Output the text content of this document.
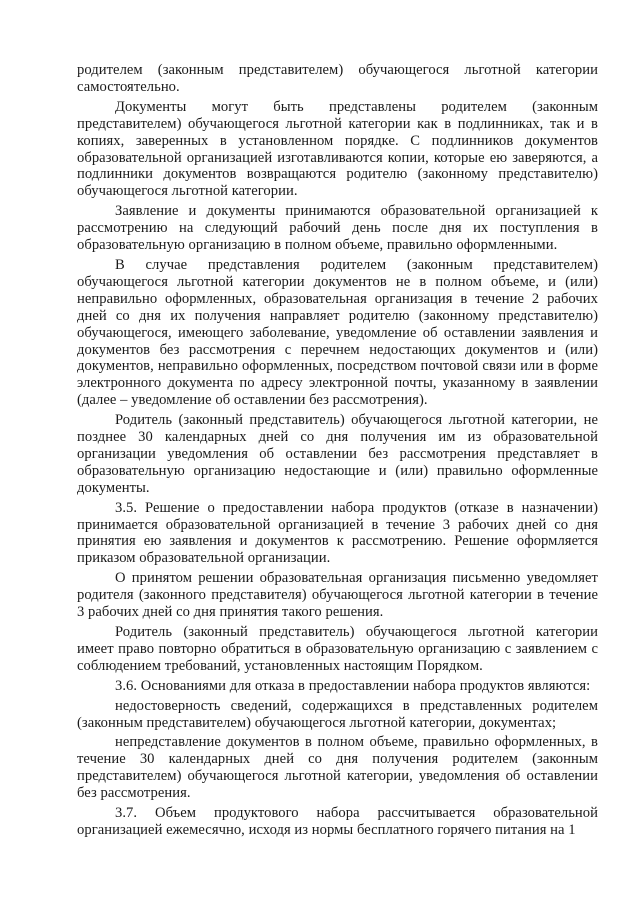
родителем (законным представителем) обучающегося льготной категории самостоятельно.

Документы могут быть представлены родителем (законным представителем) обучающегося льготной категории как в подлинниках, так и в копиях, заверенных в установленном порядке. С подлинников документов образовательной организацией изготавливаются копии, которые ею заверяются, а подлинники документов возвращаются родителю (законному представителю) обучающегося льготной категории.

Заявление и документы принимаются образовательной организацией к рассмотрению на следующий рабочий день после дня их поступления в образовательную организацию в полном объеме, правильно оформленными.

В случае представления родителем (законным представителем) обучающегося льготной категории документов не в полном объеме, и (или) неправильно оформленных, образовательная организация в течение 2 рабочих дней со дня их получения направляет родителю (законному представителю) обучающегося, имеющего заболевание, уведомление об оставлении заявления и документов без рассмотрения с перечнем недостающих документов и (или) документов, неправильно оформленных, посредством почтовой связи или в форме электронного документа по адресу электронной почты, указанному в заявлении (далее – уведомление об оставлении без рассмотрения).

Родитель (законный представитель) обучающегося льготной категории, не позднее 30 календарных дней со дня получения им из образовательной организации уведомления об оставлении без рассмотрения представляет в образовательную организацию недостающие и (или) правильно оформленные документы.

3.5. Решение о предоставлении набора продуктов (отказе в назначении) принимается образовательной организацией в течение 3 рабочих дней со дня принятия ею заявления и документов к рассмотрению. Решение оформляется приказом образовательной организации.

О принятом решении образовательная организация письменно уведомляет родителя (законного представителя) обучающегося льготной категории в течение 3 рабочих дней со дня принятия такого решения.

Родитель (законный представитель) обучающегося льготной категории имеет право повторно обратиться в образовательную организацию с заявлением с соблюдением требований, установленных настоящим Порядком.

3.6. Основаниями для отказа в предоставлении набора продуктов являются:

недостоверность сведений, содержащихся в представленных родителем (законным представителем) обучающегося льготной категории, документах;

непредставление документов в полном объеме, правильно оформленных, в течение 30 календарных дней со дня получения родителем (законным представителем) обучающегося льготной категории, уведомления об оставлении без рассмотрения.

3.7. Объем продуктового набора рассчитывается образовательной организацией ежемесячно, исходя из нормы бесплатного горячего питания на 1
